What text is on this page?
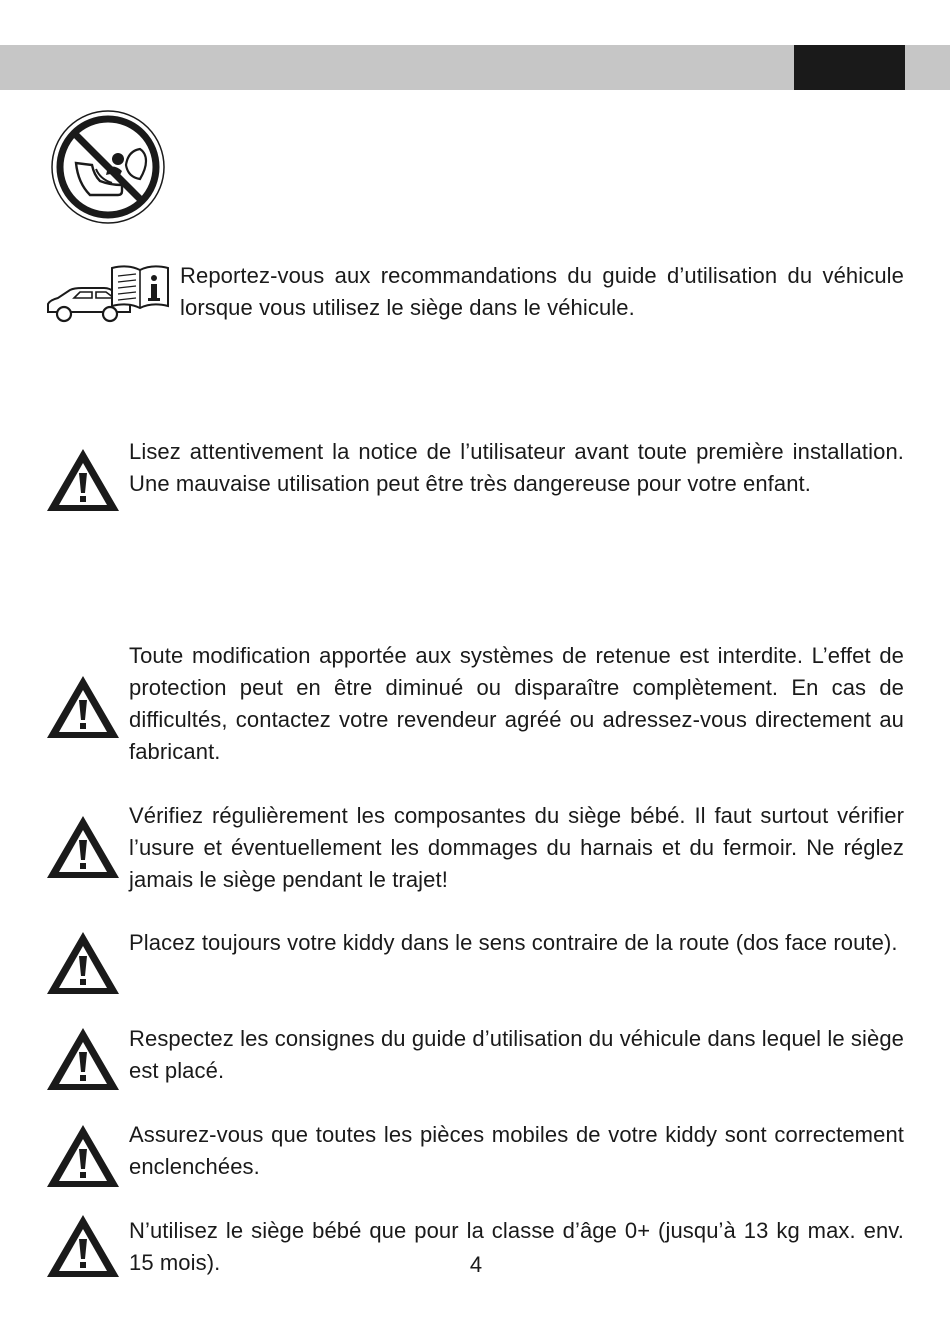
Reportez-vous aux recommandations du guide d’utilisation du véhicule lorsque vous utilisez le siège dans le véhicule.
Lisez attentivement la notice de l’utilisateur avant toute première installation. Une mauvaise utilisation peut être très dangereuse pour votre enfant.
Toute modification apportée aux systèmes de retenue est interdite. L’effet de protection peut en être diminué ou disparaître complètement. En cas de difficultés, contactez votre revendeur agréé ou adressez-vous directement au fabricant.
Vérifiez régulièrement les composantes du siège bébé. Il faut surtout vérifier l’usure et éventuellement les dommages du harnais et du fermoir. Ne réglez jamais le siège pendant le trajet!
Placez toujours votre kiddy dans le sens contraire de la route (dos face route).
Respectez les consignes du guide d’utilisation du véhicule dans lequel le siège est placé.
Assurez-vous que toutes les pièces mobiles de votre kiddy sont correctement enclenchées.
N’utilisez le siège bébé que pour la classe d’âge 0+ (jusqu’à 13 kg max. env. 15 mois).	4
